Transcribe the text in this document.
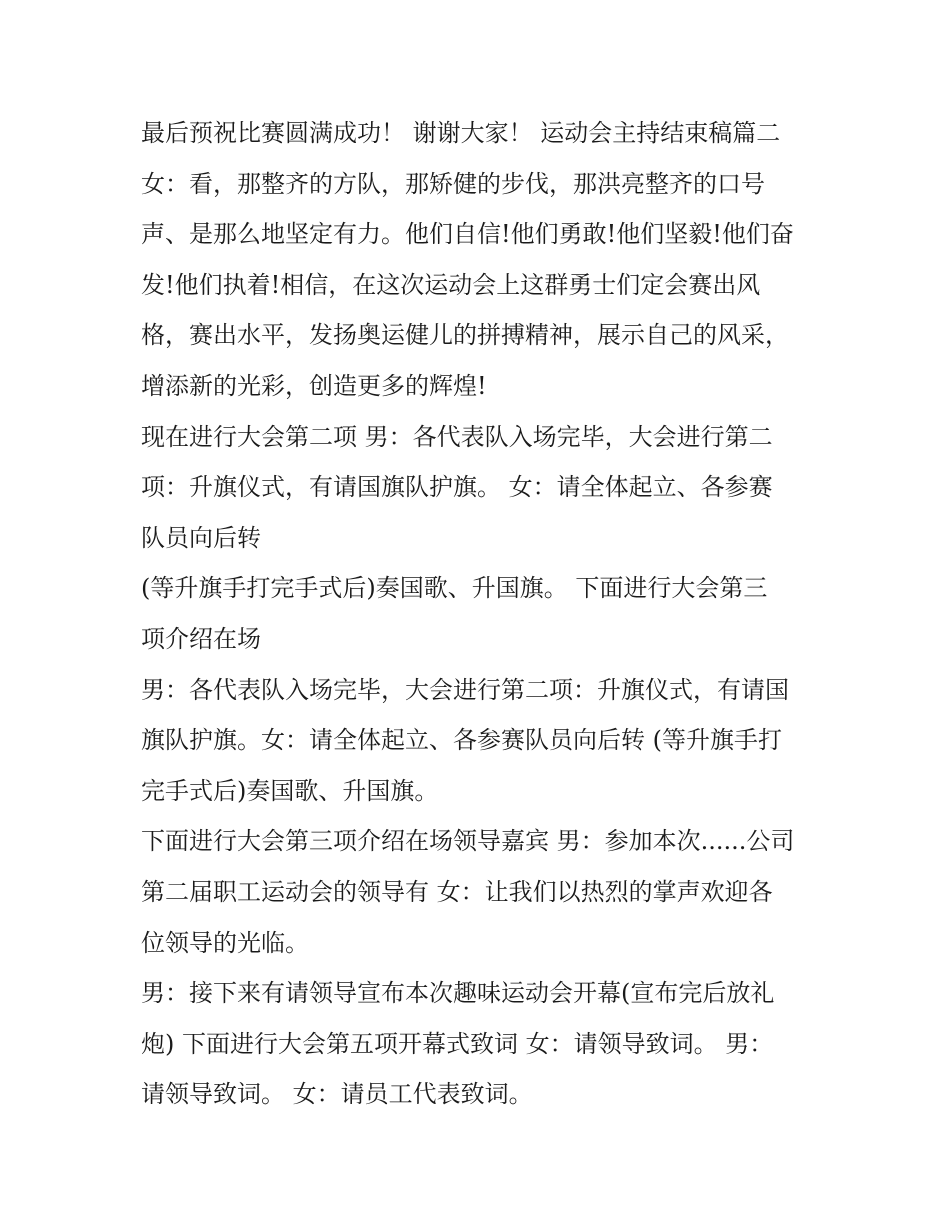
最后预祝比赛圆满成功！ 谢谢大家！ 运动会主持结束稿篇二
女：看，那整齐的方队，那矫健的步伐，那洪亮整齐的口号
声、是那么地坚定有力。他们自信!他们勇敢!他们坚毅!他们奋
发!他们执着!相信，在这次运动会上这群勇士们定会赛出风
格，赛出水平，发扬奥运健儿的拼搏精神，展示自己的风采，
增添新的光彩，创造更多的辉煌!
现在进行大会第二项 男：各代表队入场完毕，大会进行第二
项：升旗仪式，有请国旗队护旗。 女：请全体起立、各参赛
队员向后转
(等升旗手打完手式后)奏国歌、升国旗。 下面进行大会第三
项介绍在场
男：各代表队入场完毕，大会进行第二项：升旗仪式，有请国
旗队护旗。女：请全体起立、各参赛队员向后转 (等升旗手打
完手式后)奏国歌、升国旗。
下面进行大会第三项介绍在场领导嘉宾 男：参加本次......公司
第二届职工运动会的领导有 女：让我们以热烈的掌声欢迎各
位领导的光临。
男：接下来有请领导宣布本次趣味运动会开幕(宣布完后放礼
炮) 下面进行大会第五项开幕式致词 女：请领导致词。 男：
请领导致词。 女：请员工代表致词。
